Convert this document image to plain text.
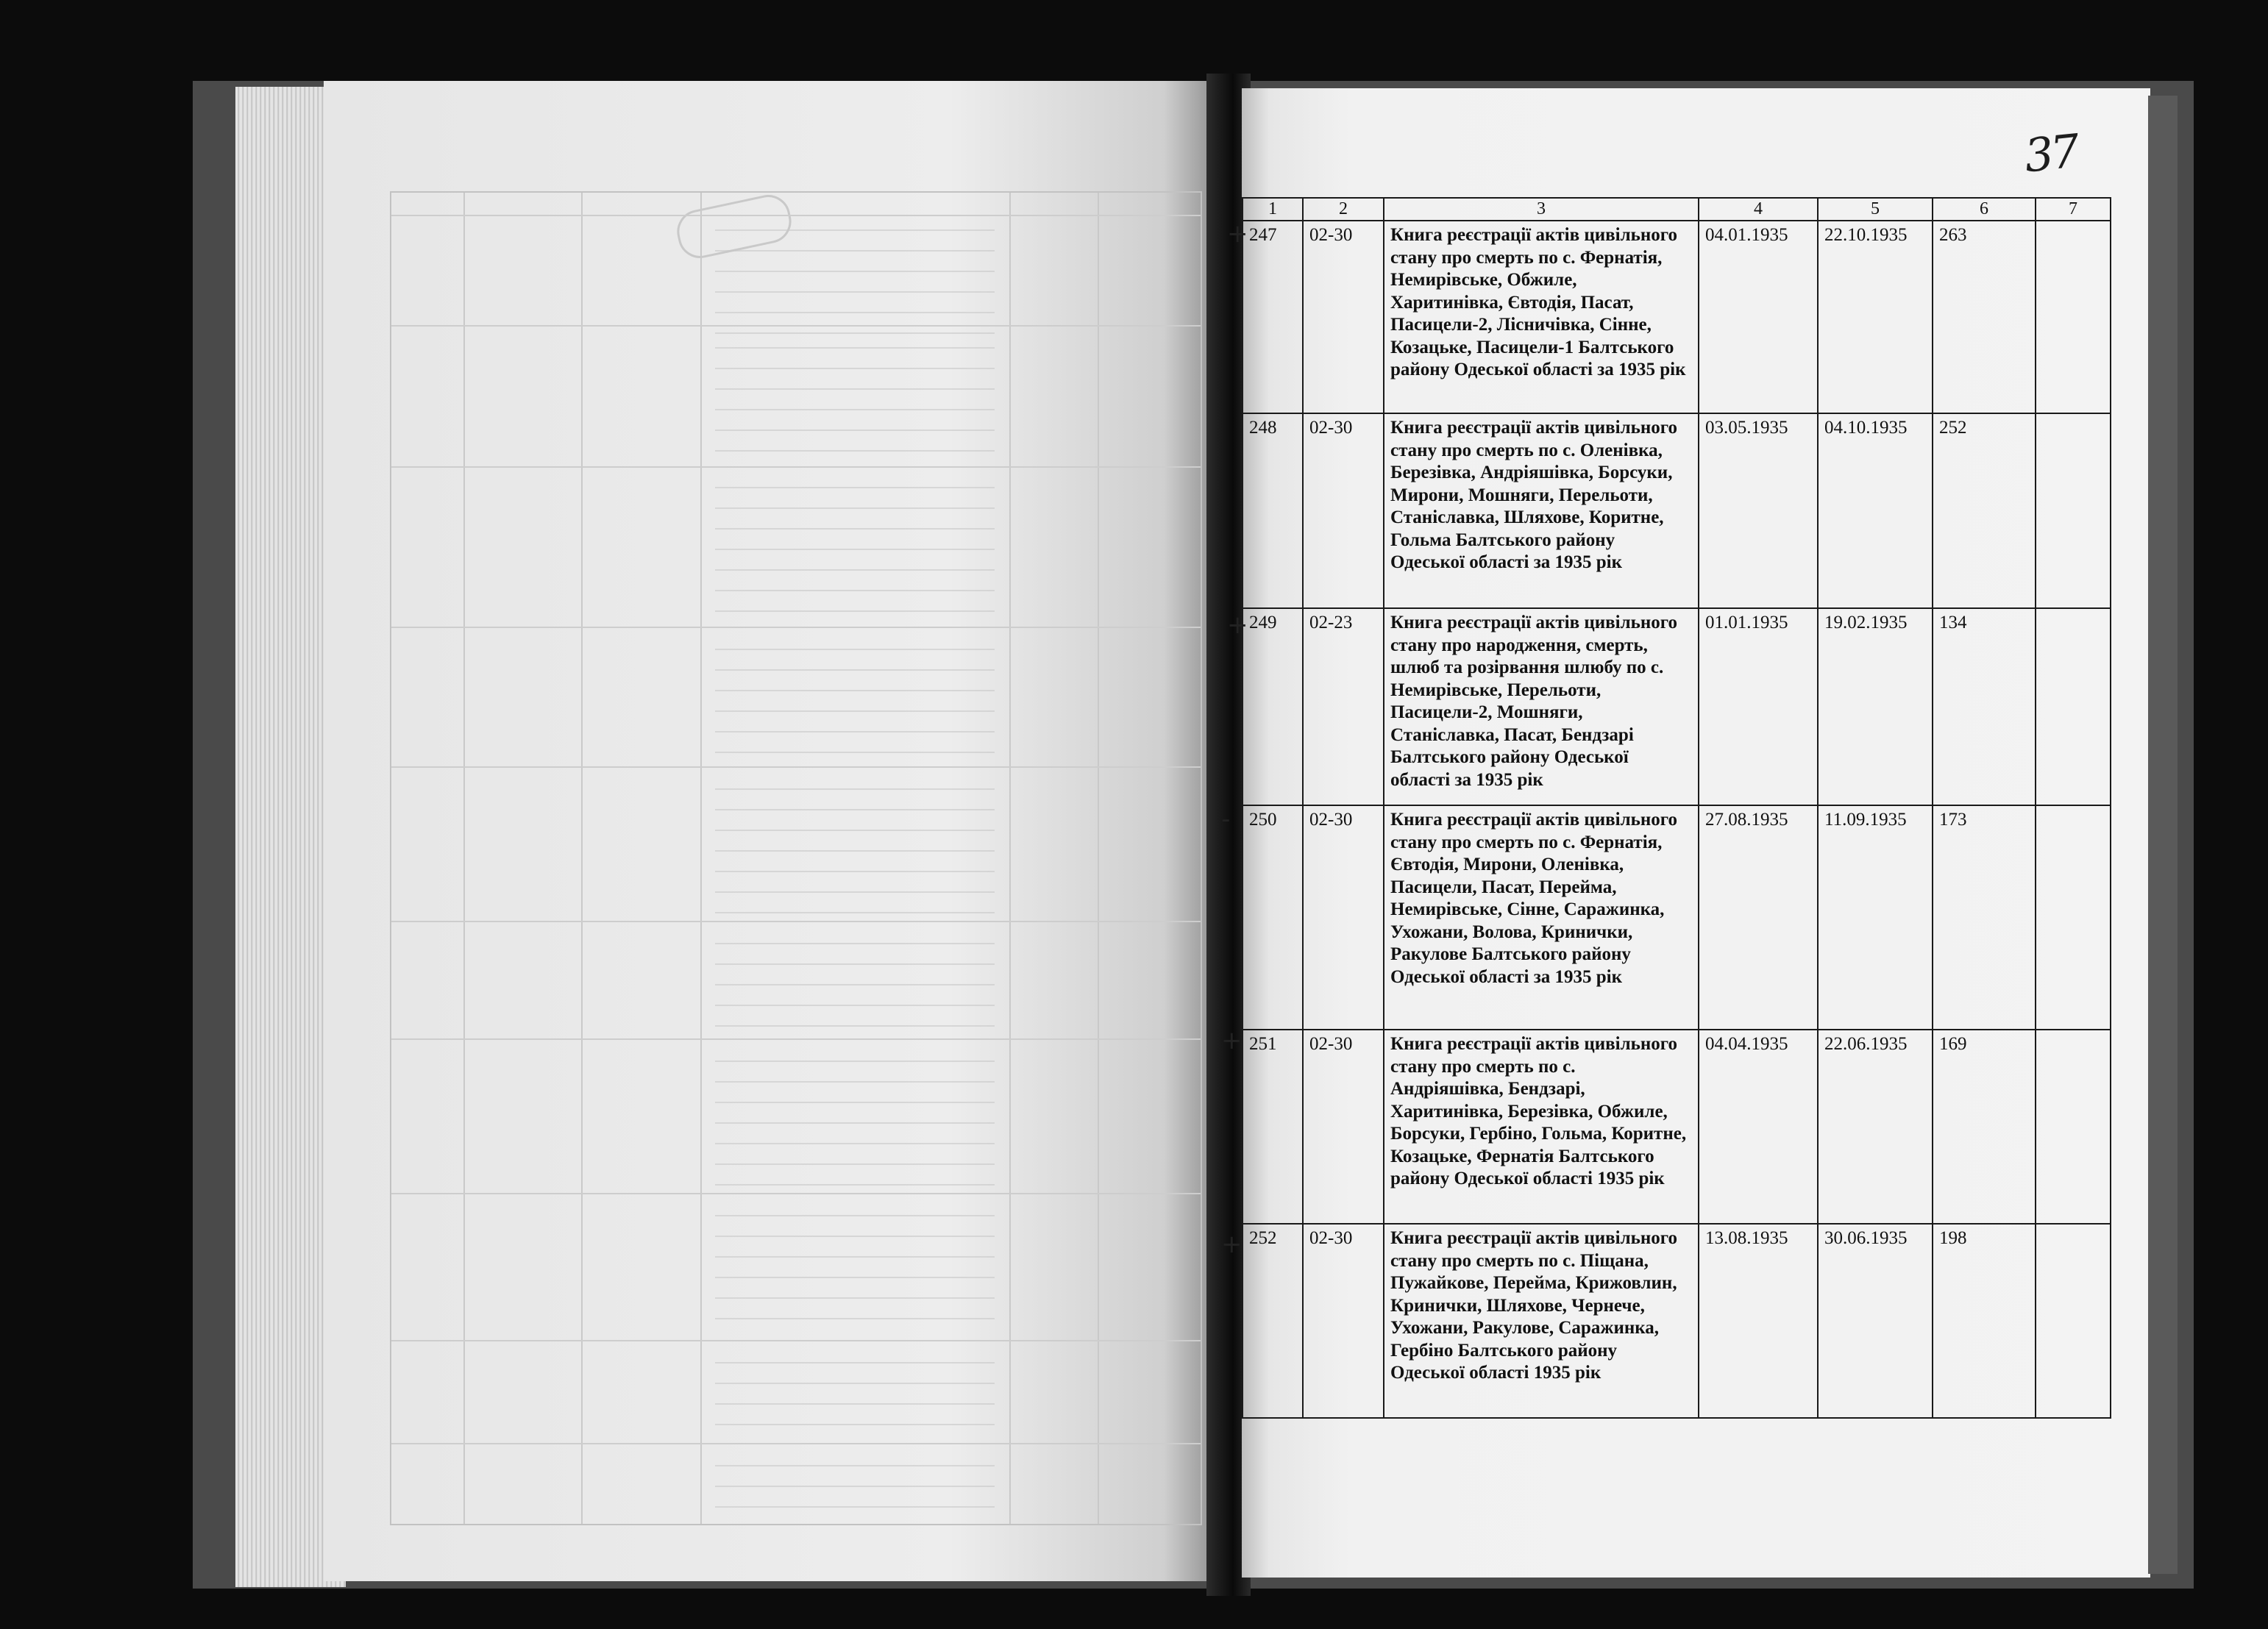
37
+
+
-
+
+
1	2	3	4	5	6	7
247	02-30	Книга реєстрації актів цивільного стану про смерть по с. Фернатія, Немирівське, Обжиле, Харитинівка, Євтодія, Пасат, Пасицели-2, Лісничівка, Сінне, Козацьке, Пасицели-1 Балтського району Одеської області за 1935 рік	04.01.1935	22.10.1935	263	
248	02-30	Книга реєстрації актів цивільного стану про смерть по с. Оленівка, Березівка, Андріяшівка, Борсуки, Мирони, Мошняги, Перельоти, Станіславка, Шляхове, Коритне, Гольма Балтського району Одеської області за 1935 рік	03.05.1935	04.10.1935	252	
249	02-23	Книга реєстрації актів цивільного стану про народження, смерть, шлюб та розірвання шлюбу по с. Немирівське, Перельоти, Пасицели-2, Мошняги, Станіславка, Пасат, Бендзарі Балтського району Одеської області за 1935 рік	01.01.1935	19.02.1935	134	
250	02-30	Книга реєстрації актів цивільного стану про смерть по с. Фернатія, Євтодія, Мирони, Оленівка, Пасицели, Пасат, Перейма, Немирівське, Сінне, Саражинка, Ухожани, Волова, Кринички, Ракулове Балтського району Одеської області за 1935 рік	27.08.1935	11.09.1935	173	
251	02-30	Книга реєстрації актів цивільного стану про смерть по с. Андріяшівка, Бендзарі, Харитинівка, Березівка, Обжиле, Борсуки, Гербіно, Гольма, Коритне, Козацьке, Фернатія Балтського району Одеської області 1935 рік	04.04.1935	22.06.1935	169	
252	02-30	Книга реєстрації актів цивільного стану про смерть по с. Піщана, Пужайкове, Перейма, Крижовлин, Кринички, Шляхове, Чернече, Ухожани, Ракулове, Саражинка, Гербіно Балтського району Одеської області 1935 рік	13.08.1935	30.06.1935	198	
